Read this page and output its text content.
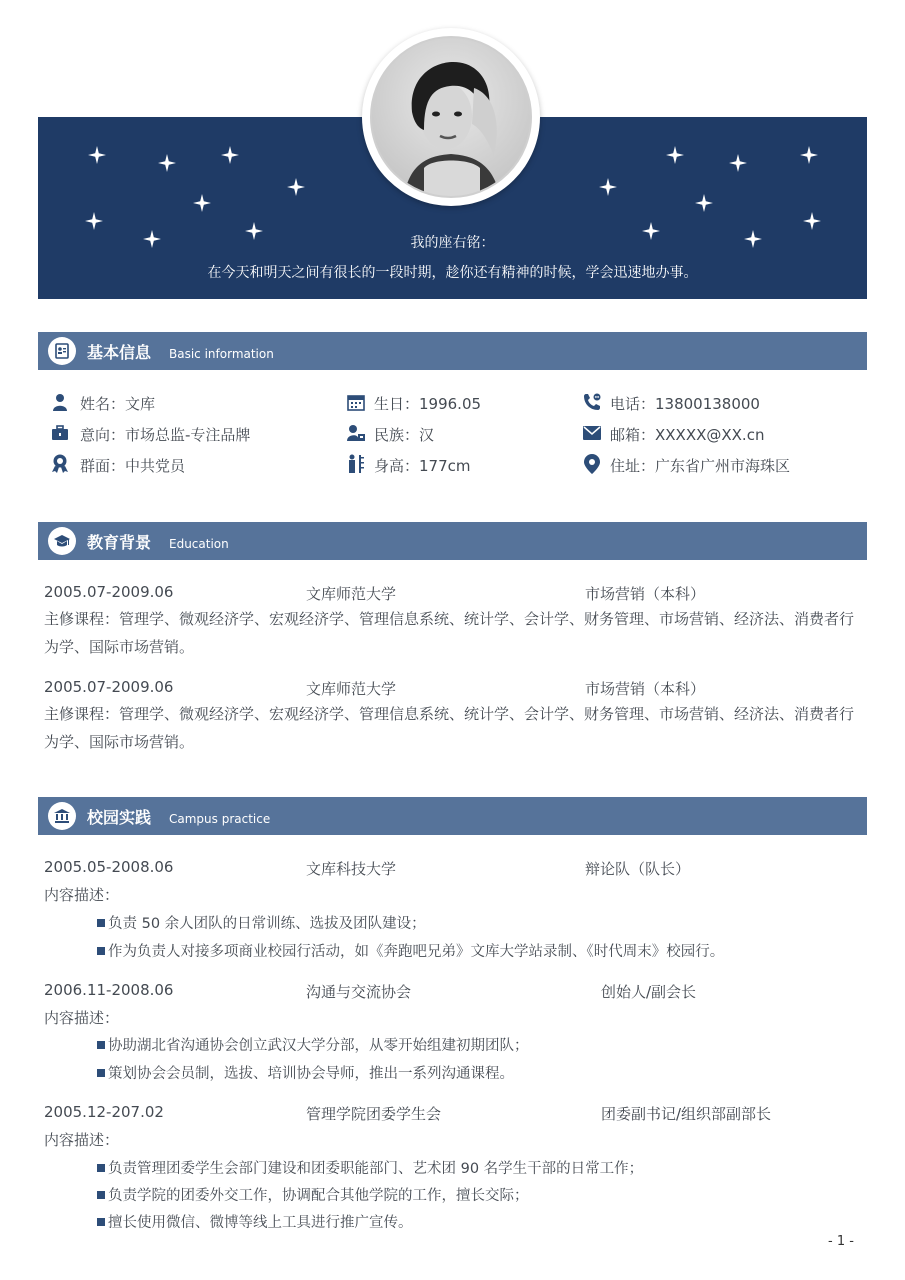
我的座右铭：
在今天和明天之间有很长的一段时期，趁你还有精神的时候，学会迅速地办事。
基本信息 Basic information
姓名：文库	生日：1996.05	电话：13800138000
意向：市场总监-专注品牌	民族：汉	邮箱：XXXXX@XX.cn
群面：中共党员	身高：177cm	住址：广东省广州市海珠区
教育背景 Education
2005.07-2009.06	文库师范大学	市场营销（本科）
主修课程：管理学、微观经济学、宏观经济学、管理信息系统、统计学、会计学、财务管理、市场营销、经济法、消费者行为学、国际市场营销。
2005.07-2009.06	文库师范大学	市场营销（本科）
主修课程：管理学、微观经济学、宏观经济学、管理信息系统、统计学、会计学、财务管理、市场营销、经济法、消费者行为学、国际市场营销。
校园实践 Campus practice
2005.05-2008.06	文库科技大学	辩论队（队长）
内容描述：
负责 50 余人团队的日常训练、选拔及团队建设；
作为负责人对接多项商业校园行活动，如《奔跑吧兄弟》文库大学站录制、《时代周末》校园行。
2006.11-2008.06	沟通与交流协会	创始人/副会长
内容描述：
协助湖北省沟通协会创立武汉大学分部，从零开始组建初期团队；
策划协会会员制，选拔、培训协会导师，推出一系列沟通课程。
2005.12-207.02	管理学院团委学生会	团委副书记/组织部副部长
内容描述：
负责管理团委学生会部门建设和团委职能部门、艺术团 90 名学生干部的日常工作；
负责学院的团委外交工作，协调配合其他学院的工作，擅长交际；
擅长使用微信、微博等线上工具进行推广宣传。
- 1 -
